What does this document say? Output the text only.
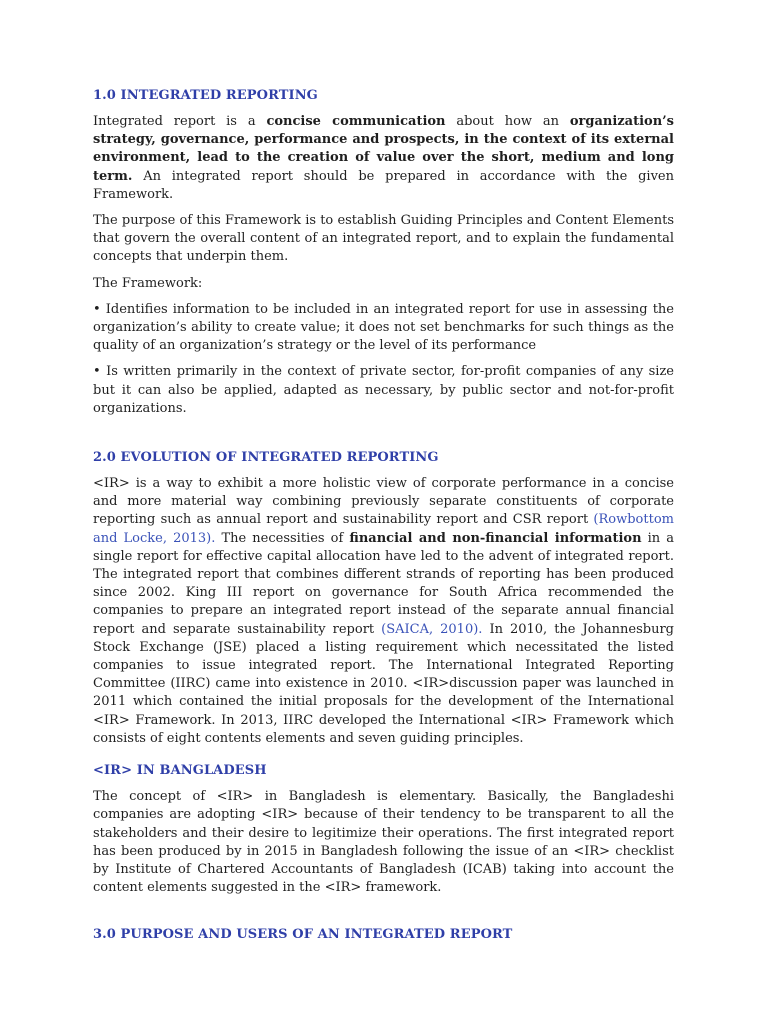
1.0 INTEGRATED REPORTING

Integrated report is a concise communication about how an organization’s strategy, governance, performance and prospects, in the context of its external environment, lead to the creation of value over the short, medium and long term. An integrated report should be prepared in accordance with the given Framework.

The purpose of this Framework is to establish Guiding Principles and Content Elements that govern the overall content of an integrated report, and to explain the fundamental concepts that underpin them.

The Framework:

• Identifies information to be included in an integrated report for use in assessing the organization’s ability to create value; it does not set benchmarks for such things as the quality of an organization’s strategy or the level of its performance

• Is written primarily in the context of private sector, for-profit companies of any size but it can also be applied, adapted as necessary, by public sector and not-for-profit organizations.

2.0 EVOLUTION OF INTEGRATED REPORTING

<IR> is a way to exhibit a more holistic view of corporate performance in a concise and more material way combining previously separate constituents of corporate reporting such as annual report and sustainability report and CSR report (Rowbottom and Locke, 2013). The necessities of financial and non-financial information in a single report for effective capital allocation have led to the advent of integrated report. The integrated report that combines different strands of reporting has been produced since 2002. King III report on governance for South Africa recommended the companies to prepare an integrated report instead of the separate annual financial report and separate sustainability report (SAICA, 2010). In 2010, the Johannesburg Stock Exchange (JSE) placed a listing requirement which necessitated the listed companies to issue integrated report. The International Integrated Reporting Committee (IIRC) came into existence in 2010. <IR>discussion paper was launched in 2011 which contained the initial proposals for the development of the International <IR> Framework. In 2013, IIRC developed the International <IR> Framework which consists of eight contents elements and seven guiding principles.

<IR> IN BANGLADESH

The concept of <IR> in Bangladesh is elementary. Basically, the Bangladeshi companies are adopting <IR> because of their tendency to be transparent to all the stakeholders and their desire to legitimize their operations. The first integrated report has been produced by in 2015 in Bangladesh following the issue of an <IR> checklist by Institute of Chartered Accountants of Bangladesh (ICAB) taking into account the content elements suggested in the <IR> framework.

3.0 PURPOSE AND USERS OF AN INTEGRATED REPORT
